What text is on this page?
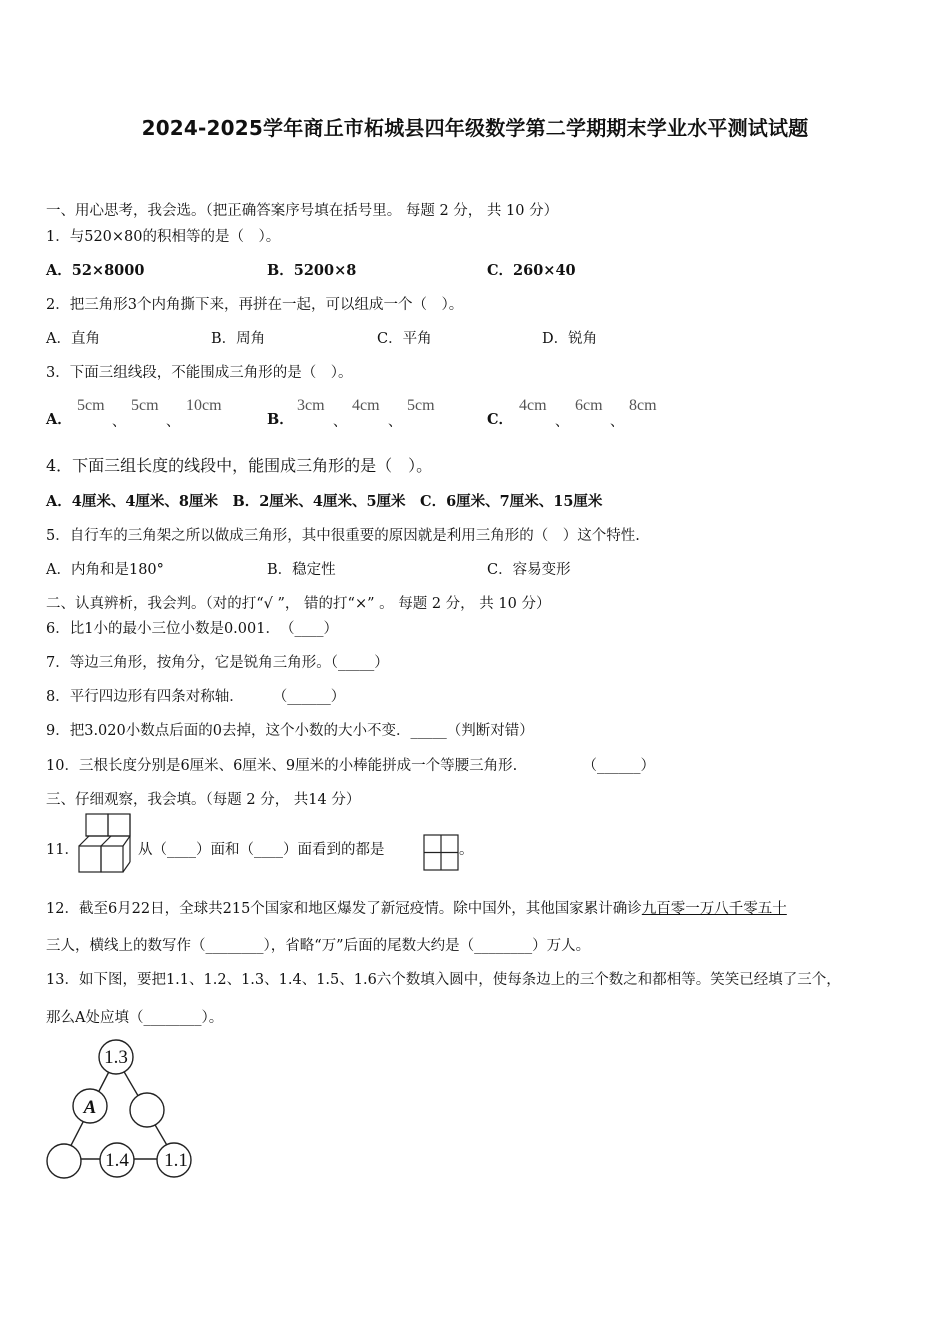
2024-2025学年商丘市柘城县四年级数学第二学期期末学业水平测试试题
一、用心思考，我会选。（把正确答案序号填在括号里。 每题 2 分， 共 10 分）
1．与520×80的积相等的是（　）。
A．52×8000	B．5200×8	C．260×40
2．把三角形3个内角撕下来，再拼在一起，可以组成一个（　）。
A．直角	B．周角	C．平角	D．锐角
3．下面三组线段，不能围成三角形的是（　）。
A．
5cm
、
5cm
、
10cm
B．
3cm
、
4cm
、
5cm
C．
4cm
、
6cm
、
8cm
4．下面三组长度的线段中，能围成三角形的是（　）。
A．4厘米、4厘米、8厘米　B．2厘米、4厘米、5厘米　C．6厘米、7厘米、15厘米
5．自行车的三角架之所以做成三角形，其中很重要的原因就是利用三角形的（　）这个特性.
A．内角和是180°	B．稳定性	C．容易变形
二、认真辨析，我会判。（对的打“√ ”， 错的打“×” 。 每题 2 分， 共 10 分）
6．比1小的最小三位小数是0.001．　（____）
7．等边三角形，按角分，它是锐角三角形。（_____）
8．平行四边形有四条对称轴．　　　（______）
9．把3.020小数点后面的0去掉，这个小数的大小不变．_____（判断对错）
10．三根长度分别是6厘米、6厘米、9厘米的小棒能拼成一个等腰三角形.　　　　　（______）
三、仔细观察，我会填。（每题 2 分， 共14 分）
11．	从（____）面和（____）面看到的都是	。
12．截至6月22日，全球共215个国家和地区爆发了新冠疫情。除中国外，其他国家累计确诊九百零一万八千零五十
三人，横线上的数写作（________），省略“万”后面的尾数大约是（________）万人。
13．如下图，要把1.1、1.2、1.3、1.4、1.5、1.6六个数填入圆中，使每条边上的三个数之和都相等。笑笑已经填了三个，
那么A处应填（________）。
1.3
A
1.4 1.1
